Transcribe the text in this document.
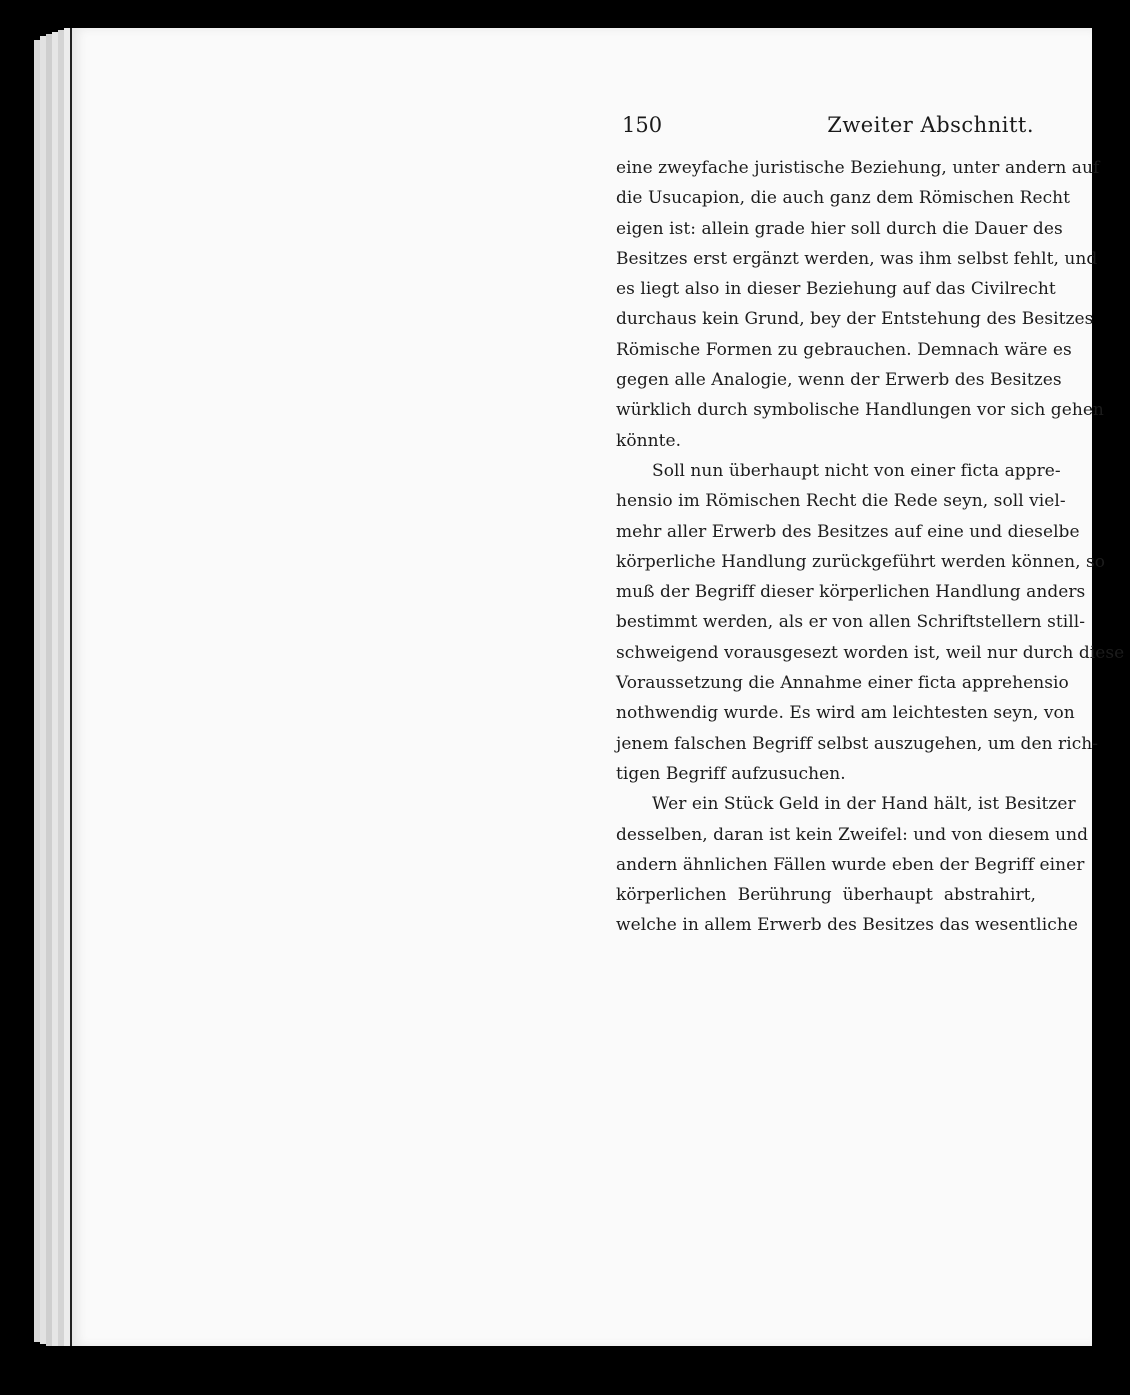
150	Zweiter Abschnitt.
eine zweyfache juristische Beziehung, unter andern auf
die Usucapion, die auch ganz dem Römischen Recht
eigen ist: allein grade hier soll durch die Dauer des
Besitzes erst ergänzt werden, was ihm selbst fehlt, und
es liegt also in dieser Beziehung auf das Civilrecht
durchaus kein Grund, bey der Entstehung des Besitzes
Römische Formen zu gebrauchen. Demnach wäre es
gegen alle Analogie, wenn der Erwerb des Besitzes
würklich durch symbolische Handlungen vor sich gehen
könnte.
Soll nun überhaupt nicht von einer ficta appre-
hensio im Römischen Recht die Rede seyn, soll viel-
mehr aller Erwerb des Besitzes auf eine und dieselbe
körperliche Handlung zurückgeführt werden können, so
muß der Begriff dieser körperlichen Handlung anders
bestimmt werden, als er von allen Schriftstellern still-
schweigend vorausgesezt worden ist, weil nur durch diese
Voraussetzung die Annahme einer ficta apprehensio
nothwendig wurde. Es wird am leichtesten seyn, von
jenem falschen Begriff selbst auszugehen, um den rich-
tigen Begriff aufzusuchen.
Wer ein Stück Geld in der Hand hält, ist Besitzer
desselben, daran ist kein Zweifel: und von diesem und
andern ähnlichen Fällen wurde eben der Begriff einer
körperlichen Berührung überhaupt abstrahirt,
welche in allem Erwerb des Besitzes das wesentliche
